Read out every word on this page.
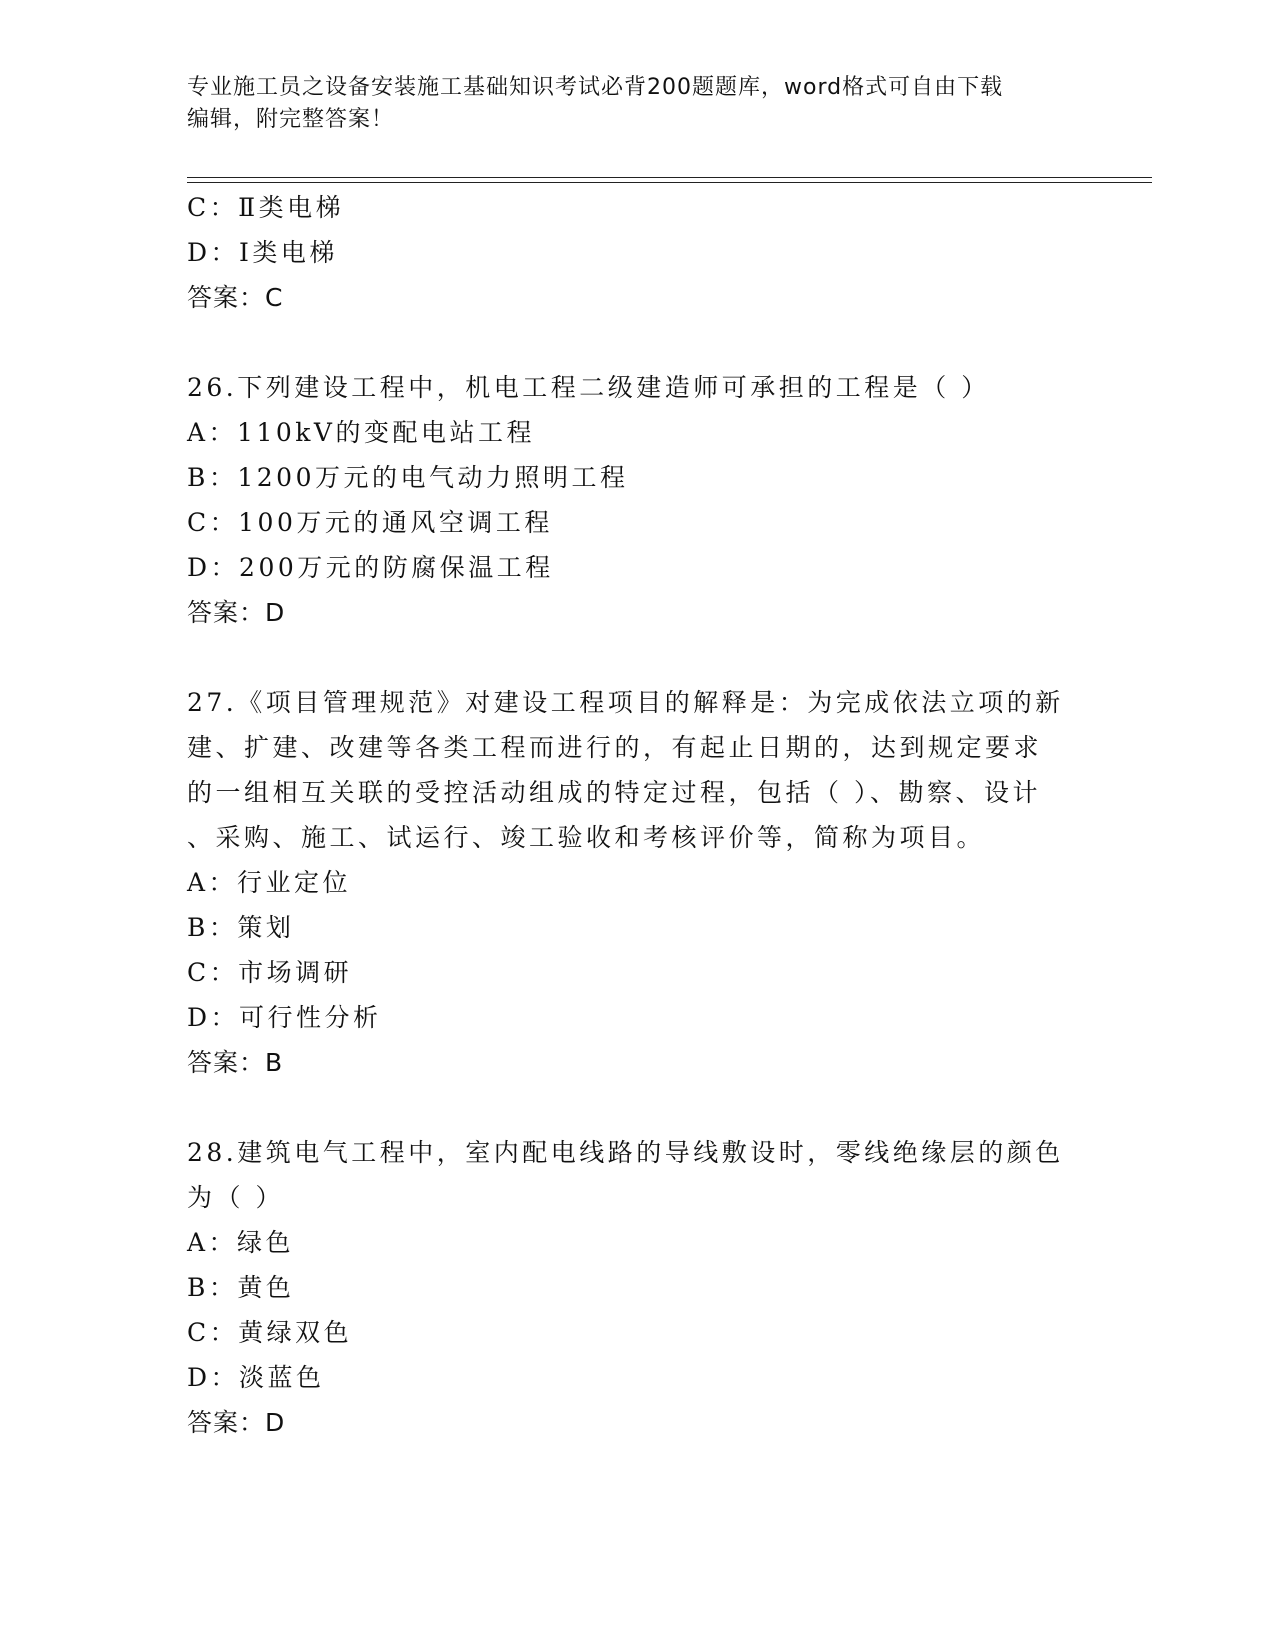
专业施工员之设备安装施工基础知识考试必背200题题库，word格式可自由下载
编辑，附完整答案！
C：Ⅱ类电梯
D：Ⅰ类电梯
答案：C
26.下列建设工程中，机电工程二级建造师可承担的工程是（ ）
A：110kV的变配电站工程
B：1200万元的电气动力照明工程
C：100万元的通风空调工程
D：200万元的防腐保温工程
答案：D
27.《项目管理规范》对建设工程项目的解释是：为完成依法立项的新
建、扩建、改建等各类工程而进行的，有起止日期的，达到规定要求
的一组相互关联的受控活动组成的特定过程，包括（ ）、勘察、设计
、采购、施工、试运行、竣工验收和考核评价等，简称为项目。
A：行业定位
B：策划
C：市场调研
D：可行性分析
答案：B
28.建筑电气工程中，室内配电线路的导线敷设时，零线绝缘层的颜色
为（ ）
A：绿色
B：黄色
C：黄绿双色
D：淡蓝色
答案：D
